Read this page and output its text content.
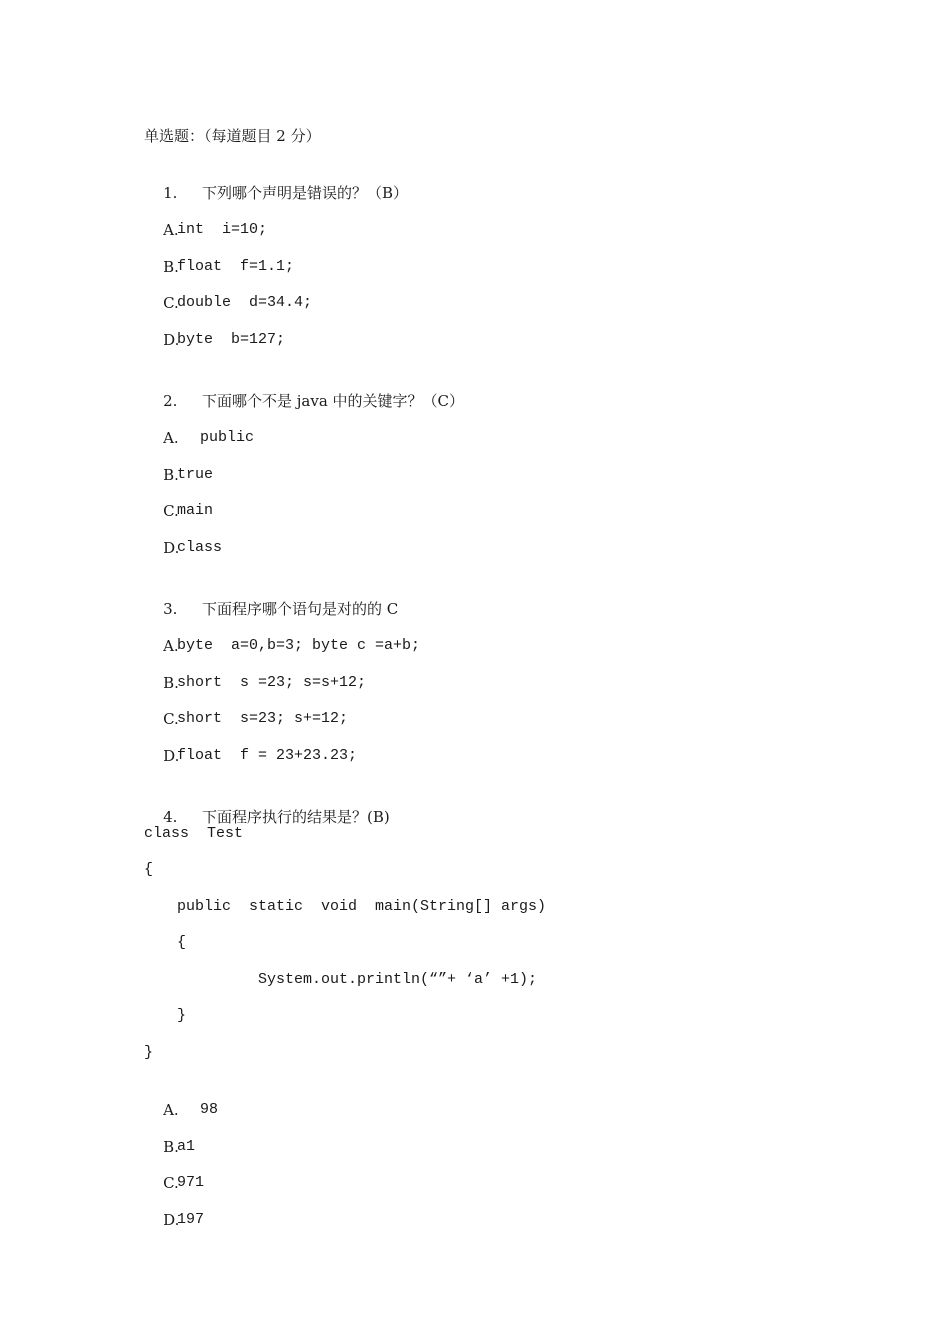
单选题：（每道题目 2 分）

1. 下列哪个声明是错误的？（B）

A.
int  i=10;

B.
float  f=1.1;

C.
double  d=34.4;

D.
byte  b=127;

2. 下面哪个不是 java 中的关键字？（C）

A. public

B.
true

C.
main

D.
class

3. 下面程序哪个语句是对的的 C

A.
byte  a=0,b=3; byte c =a+b;

B.
short  s =23; s=s+12;

C.
short  s=23; s+=12;

D.
float  f = 23+23.23;

4. 下面程序执行的结果是？(B)

class  Test
{
public  static  void  main(String[] args)
{
System.out.println(“”+ ‘a’ +1);
}
}

A. 98

B.
a1

C.
971

D.
197
